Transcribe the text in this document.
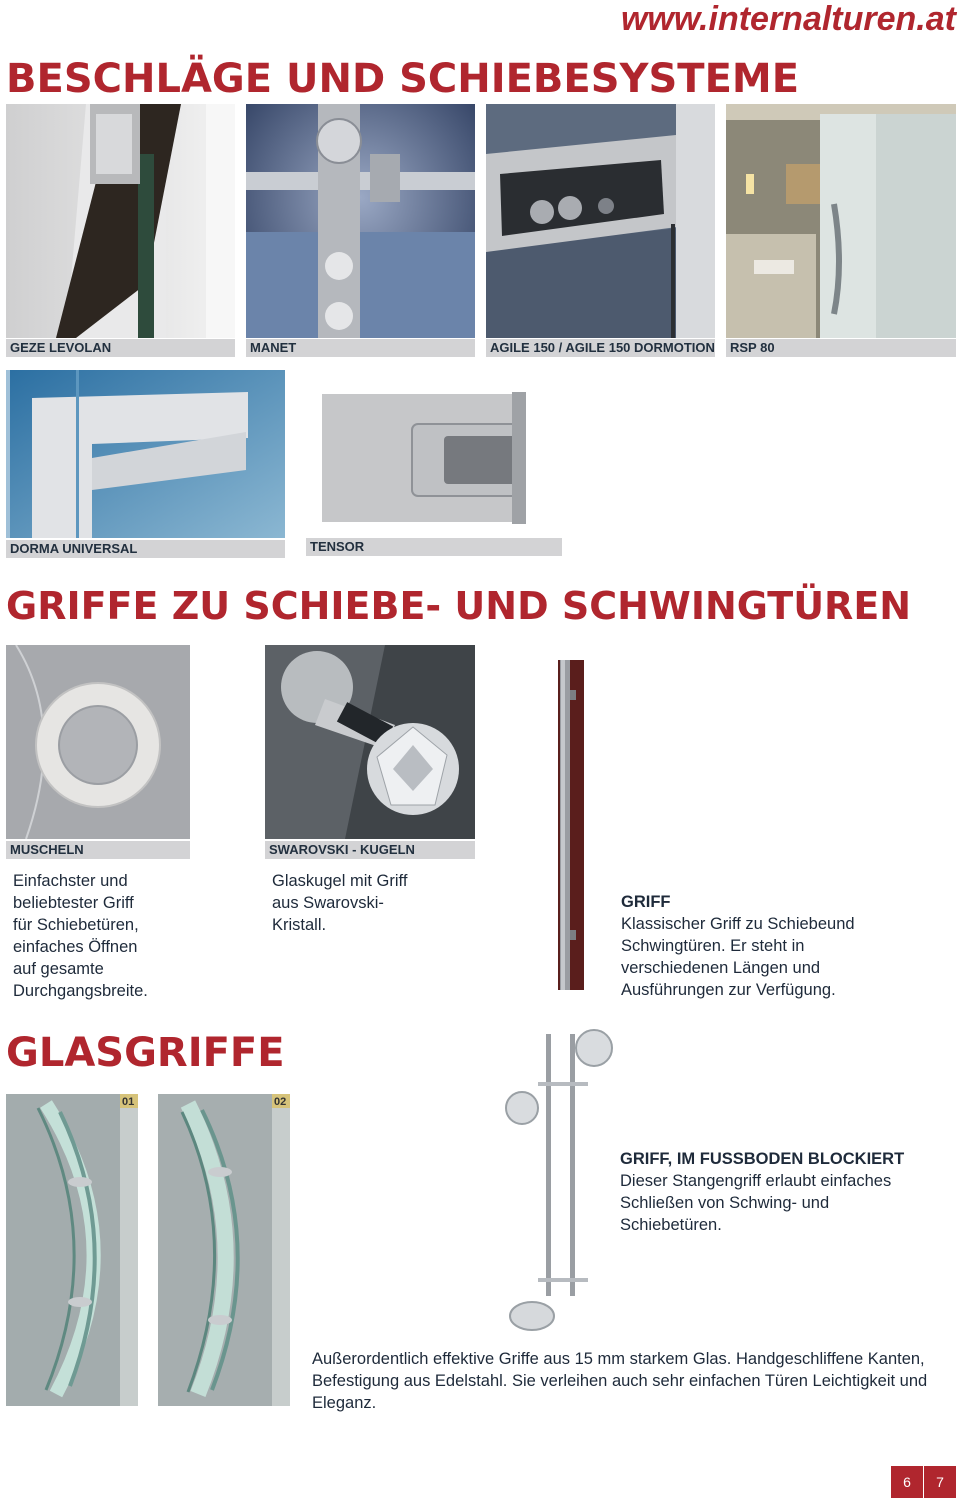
www.internalturen.at
BESCHLÄGE UND SCHIEBESYSTEME
GEZE LEVOLAN	MANET	AGILE 150 / AGILE 150 DORMOTION	RSP 80
DORMA UNIVERSAL	TENSOR
GRIFFE ZU SCHIEBE- UND SCHWINGTÜREN
MUSCHELN
Einfachster und
beliebtester Griff
für Schiebetüren,
einfaches Öffnen
auf gesamte
Durchgangsbreite.
SWAROVSKI - KUGELN
Glaskugel mit Griff
aus Swarovski-
Kristall.
GRIFF
Klassischer Griff zu Schiebeund
Schwingtüren. Er steht in
verschiedenen Längen und
Ausführungen zur Verfügung.
GLASGRIFFE
01	02
GRIFF, IM FUSSBODEN BLOCKIERT
Dieser Stangengriff erlaubt einfaches
Schließen von Schwing- und
Schiebetüren.
Außerordentlich effektive Griffe aus 15 mm starkem Glas. Handgeschliffene Kanten,
Befestigung aus Edelstahl. Sie verleihen auch sehr einfachen Türen Leichtigkeit und
Eleganz.
6	7
